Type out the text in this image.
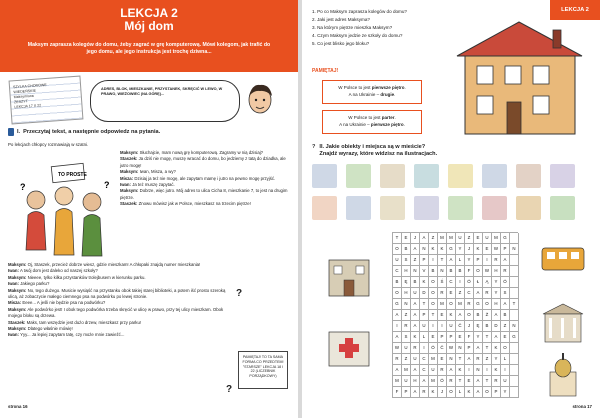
LEKCJA 2
Mój dom
Maksym zaprasza kolegów do domu, żeby zagrać w grę komputerową. Mówi kolegom, jak trafić do jego domu, ale jego instrukcja jest trochę dziwna...
SZYLKA CHOROWE
WIEDEŃSKIE
Maksymowa
ZESZYT
LEKCJA 17 X 22
ADRES, BLOK, MIESZKANIE, PRZYSTANEK, SKRĘCIĆ W LEWO, W PRAWO, WIEŻOWIEC (NA GÓRĘ)...
I. Przeczytaj tekst, a następnie odpowiedz na pytania.
Po lekcjach chłopcy rozmawiają w szatni.
TO PROSTE
?	?

Maksym: Słuchajcie, mam nową grę komputerową. Zagramy w nią dzisiaj?

Staszek: Ja dziś nie mogę, muszę wracać do domu, bo jedziemy z tatą do dziadka, ale jutro mogę!

Maksym: Iwan, Misza, a wy?

Misza: Dzisiaj ja też nie mogę, ale zapytam mamę i jutro na pewno mogę przyjść.

Iwan: Ja też muszę zapytać.

Maksym: Dobrze, więc jutro. Mój adres to ulica Cicha 8, mieszkanie 7, to jest na drugim piętrze.

Staszek: Znowu mówisz jak w Polsce, mieszkasz na trzecim piętrze!

Maksym: Oj, Staszek, przecież dobrze wiesz, gdzie mieszkam! A chłopaki znajdą numer mieszkania!

Iwan: A twój dom jest daleko od naszej szkoły?

Maksym: Nieeee, tylko kilka przystanków trolejbusem w kierunku parku.

Iwan: Jakiego parku?

Maksym: No, tego dużego. Musicie wysiąść na przystanku obok takiej starej biblioteki, a potem iść prosto szeroką ulicą, aż zobaczycie małego ciemnego psa na podwórku po lewej stronie.

Misza: Eeee... A jeśli nie będzie psa na podwórku?

Maksym: Ale podwórko jest! I obok tego podwórka trzeba skręcić w ulicę w prawo, przy tej ulicy mieszkam. Obok mojego bloku są drzewa.

Staszek: Maks, tam wszędzie jest dużo drzew, mieszkasz przy parku!

Maksym: Dlatego właśnie mówię!

Iwan: Yyy... Ja lepiej zapytam tatę, czy może mnie zawieźć...

?
?
PAMIĘTAJ! TO TA SAMA FORMA CO PRZEDTEM! "STARSZE" LEKCJA 18 I 22 (LICZEBNIK PORZĄDKOWY)
strona 16
LEKCJA 2
1. Po co Maksym zaprasza kolegów do domu?
2. Jaki jest adres Maksyma?
3. Na którym piętrze mieszka Maksym?
4. Czym Maksym jedzie ze szkoły do domu?
5. Co jest blisko jego bloku?
PAMIĘTAJ!
W Polsce to jest pierwsze piętro.
A na Ukrainie – drugie.
W Polsce to jest parter.
A na Ukrainie – pierwsze piętro.
? II. Jakie obiekty i miejsca są w mieście?
Znajdź wyrazy, które widzisz na ilustracjach.
T	E	J	A	Z	M	M	U	Z	E	U	M	G
O	B	A	N	K	K	G	Y	J	K	E	W	P	N
U	S	Z	P	I	T	A	L	Y	P	I	R	A
C	H	N	V	B	N	B	B	F	O	W	H	R
B	Ę	B	K	O	Ś	C	I	Ó	Ł	Ą	Y	Ó
O	H	U	D	O	R	E	Z	C	A	R	Y	S
G	N	A	T	O	M	O	M	R	G	O	H	A	T
A	Z	A	P	T	E	K	A	O	B	Ż	A	B
I	R	A	U	I	I	U	Č	J	Ę	B	D	Z	N
A	S	K	L	E	P	P	E	F	Y	T	A	E	G
W	U	R	I	Ó	Č	W	N	P	A	T	K	O
R	Z	U	C	M	E	N	T	A	R	Z	Y	L
A	M	A	C	U	R	A	K	I	N	I	K	I
M	U	H	A	M	Ó	R	T	E	A	T	R	U
F	P	A	R	K	J	O	L	K	A	O	P	Y
strona 17
